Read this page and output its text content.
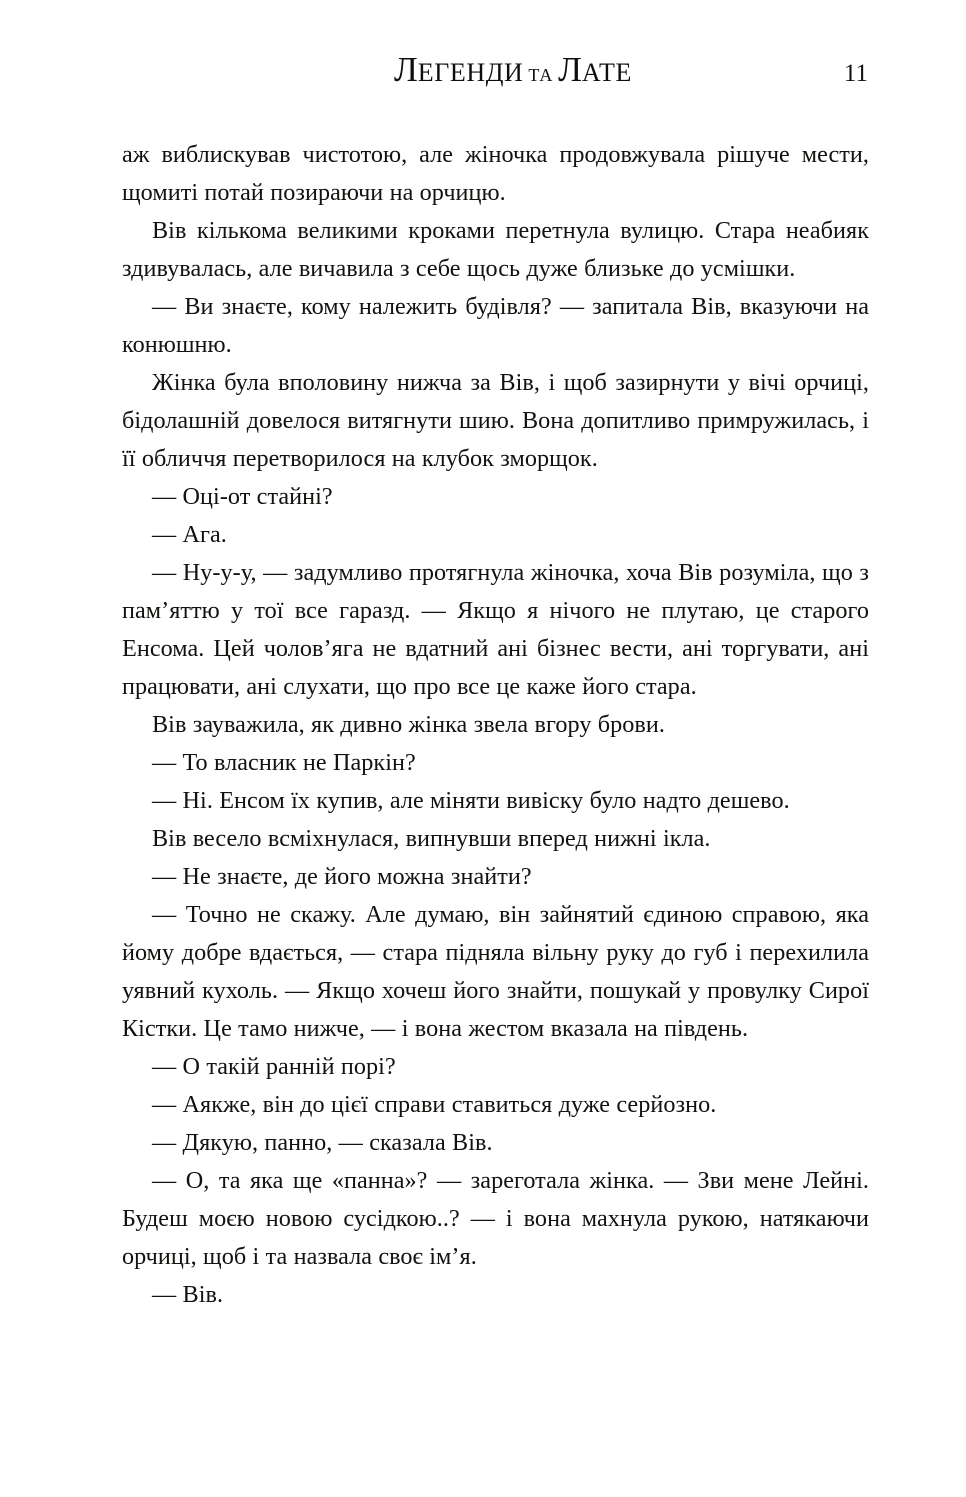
ЛЕГЕНДИ ТА ЛАТЕ	11

аж виблискував чистотою, але жіночка продовжувала рішуче мести, щомиті потай позираючи на орчицю.

Вів кількома великими кроками перетнула вулицю. Стара неабияк здивувалась, але вичавила з себе щось дуже близьке до усмішки.

— Ви знаєте, кому належить будівля? — запитала Вів, вказуючи на конюшню.

Жінка була вполовину нижча за Вів, і щоб зазирнути у вічі орчиці, бідолашній довелося витягнути шию. Вона допитливо примружилась, і її обличчя перетворилося на клубок зморщок.

— Оці-от стайні?

— Ага.

— Ну-у-у, — задумливо протягнула жіночка, хоча Вів розуміла, що з пам’яттю у тої все гаразд. — Якщо я нічого не плутаю, це старого Енсома. Цей чолов’яга не вдатний ані бізнес вести, ані торгувати, ані працювати, ані слухати, що про все це каже його стара.

Вів зауважила, як дивно жінка звела вгору брови.

— То власник не Паркін?

— Ні. Енсом їх купив, але міняти вивіску було надто дешево.

Вів весело всміхнулася, випнувши вперед нижні ікла.

— Не знаєте, де його можна знайти?

— Точно не скажу. Але думаю, він зайнятий єдиною справою, яка йому добре вдається, — стара підняла вільну руку до губ і перехилила уявний кухоль. — Якщо хочеш його знайти, пошукай у провулку Сирої Кістки. Це тамо нижче, — і вона жестом вказала на південь.

— О такій ранній порі?

— Аякже, він до цієї справи ставиться дуже серйозно.

— Дякую, панно, — сказала Вів.

— О, та яка ще «панна»? — зареготала жінка. — Зви мене Лейні. Будеш моєю новою сусідкою..? — і вона махнула рукою, натякаючи орчиці, щоб і та назвала своє ім’я.

— Вів.
